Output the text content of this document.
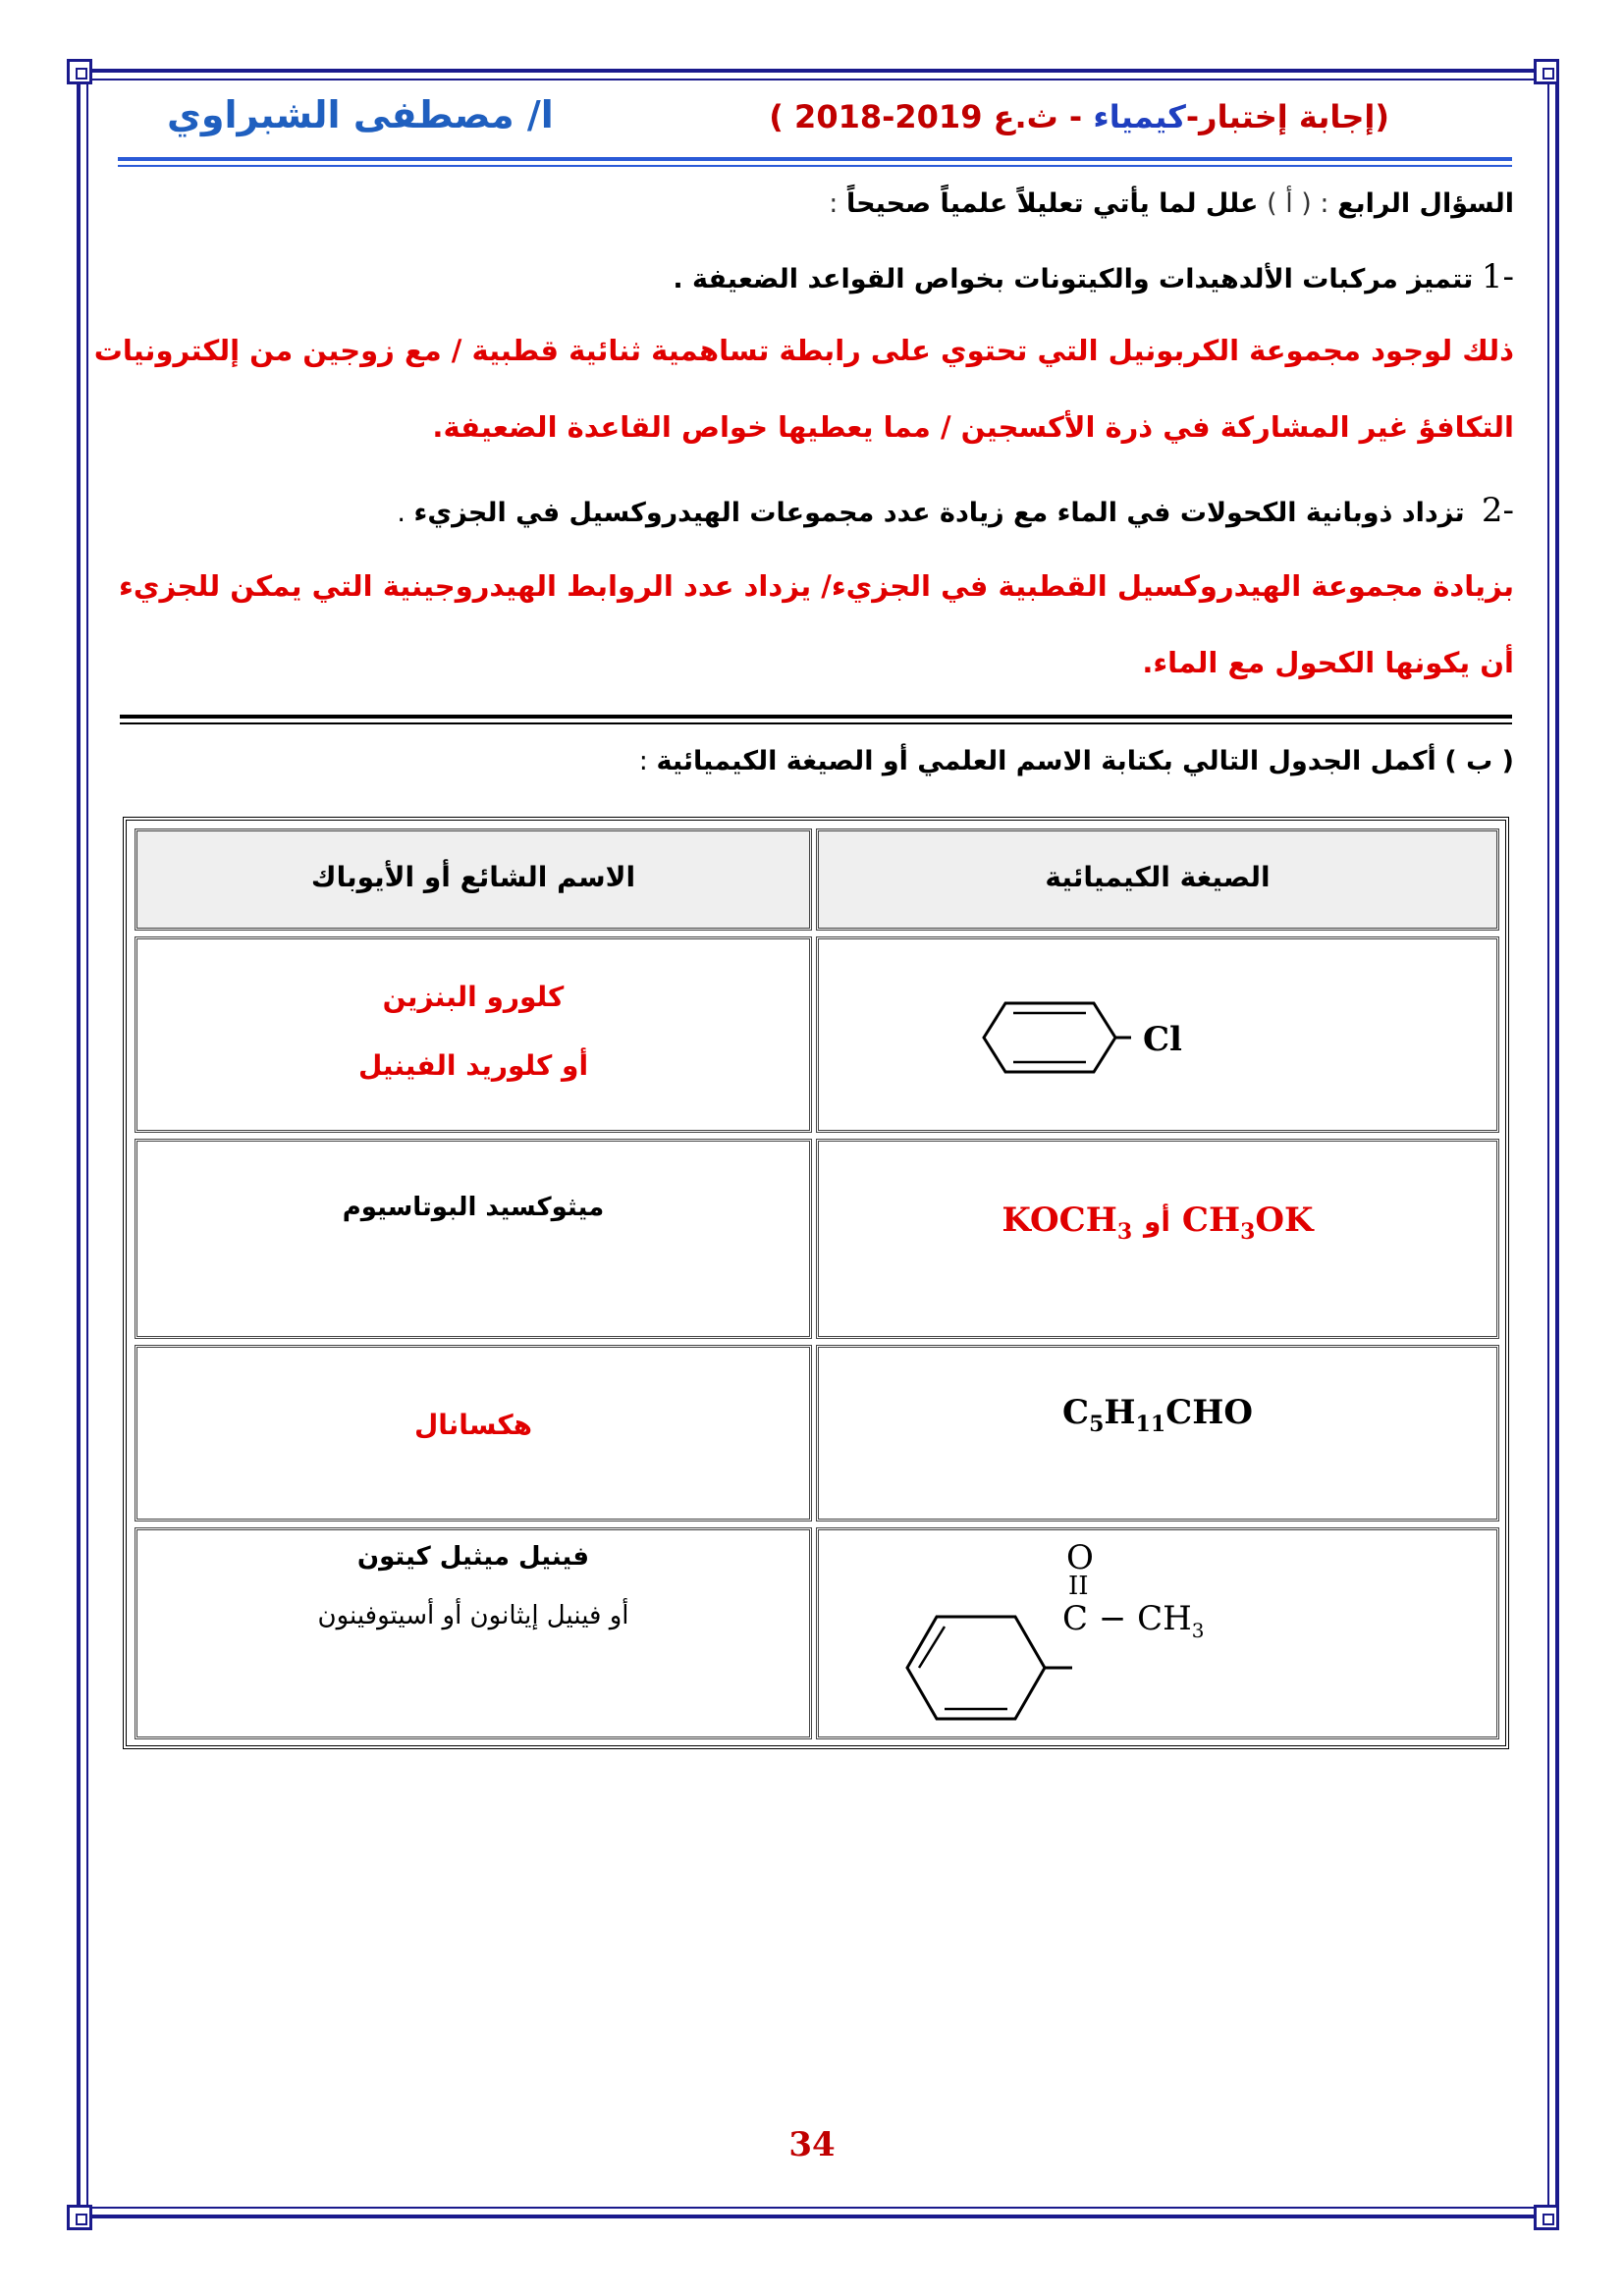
(إجابة إختبار-كيمياء - ث.ع 2019-2018 )
ا/ مصطفى الشبراوي
السؤال الرابع : ( أ ) علل لما يأتي تعليلاً علمياً صحيحاً :
-1 تتميز مركبات الألدهيدات والكيتونات بخواص القواعد الضعيفة .
ذلك لوجود مجموعة الكربونيل التي تحتوي على رابطة تساهمية ثنائية قطبية / مع زوجين من إلكترونيات
التكافؤ غير المشاركة في ذرة الأكسجين / مما يعطيها خواص القاعدة الضعيفة.
-2  تزداد ذوبانية الكحولات في الماء مع زيادة عدد مجموعات الهيدروكسيل في الجزيء .
بزيادة مجموعة الهيدروكسيل القطبية في الجزيء/ يزداد عدد الروابط الهيدروجينية التي يمكن للجزيء
أن يكونها الكحول مع الماء.
( ب ) أكمل الجدول التالي بكتابة الاسم العلمي أو الصيغة الكيميائية :
الصيغة الكيميائية
الاسم الشائع أو الأيوباك
Cl
كلورو البنزين
أو كلوريد الفينيل
$KOCH_3$ أو $CH_3OK$
ميثوكسيد البوتاسيوم
$C_5H_{11}CHO$
هكسانال
O
II
$C - CH_3$
فينيل ميثيل كيتون
أو فينيل إيثانون أو أسيتوفينون
34
